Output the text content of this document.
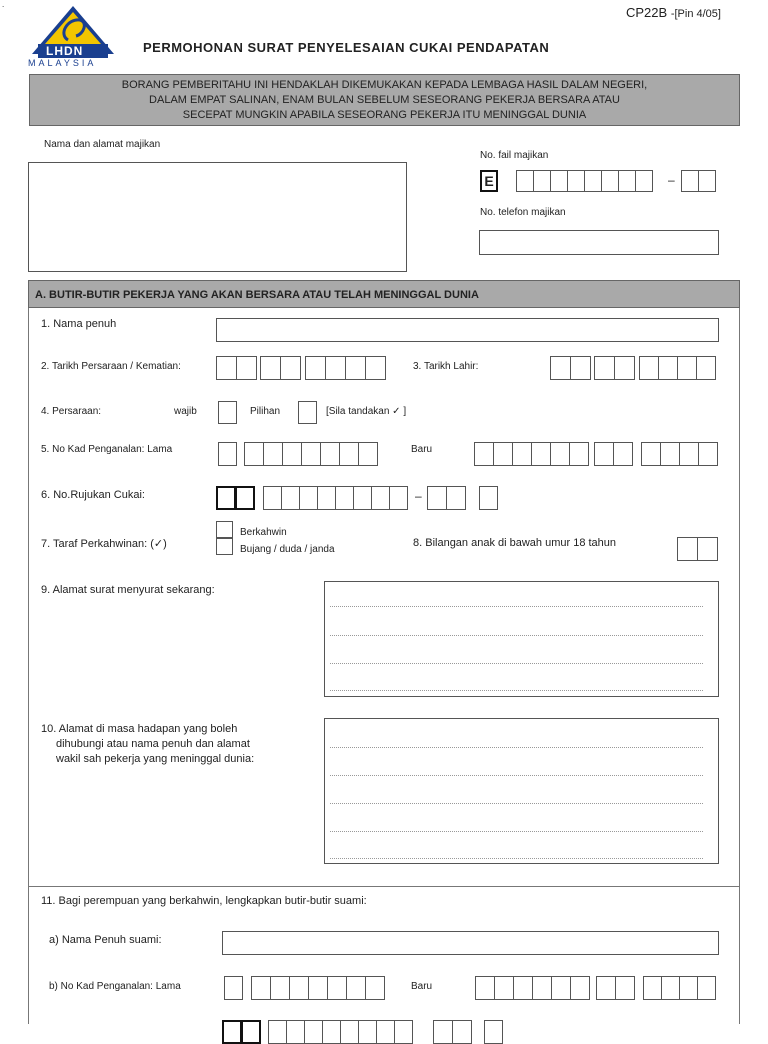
.
LHDN
MALAYSIA
CP22B -[Pin 4/05]
PERMOHONAN SURAT PENYELESAIAN CUKAI PENDAPATAN
BORANG PEMBERITAHU INI HENDAKLAH DIKEMUKAKAN KEPADA LEMBAGA HASIL DALAM NEGERI,
DALAM EMPAT SALINAN, ENAM BULAN SEBELUM SESEORANG PEKERJA BERSARA ATAU
SECEPAT MUNGKIN APABILA SESEORANG PEKERJA ITU MENINGGAL DUNIA
Nama dan alamat majikan
No. fail majikan
E	–
No. telefon majikan
A. BUTIR-BUTIR PEKERJA YANG AKAN BERSARA ATAU TELAH MENINGGAL DUNIA
1. Nama penuh
2. Tarikh Persaraan / Kematian:	3. Tarikh Lahir:
4. Persaraan:	wajib	Pilihan	[Sila tandakan ✓ ]
5. No Kad Penganalan: Lama	Baru
6. No.Rujukan Cukai:	–
7. Taraf Perkahwinan: (✓)
Berkahwin
Bujang / duda / janda
8. Bilangan anak di bawah umur 18 tahun
9. Alamat surat menyurat sekarang:
10. Alamat di masa hadapan yang boleh
dihubungi atau nama penuh dan alamat
wakil sah pekerja yang meninggal dunia:
11. Bagi perempuan yang berkahwin, lengkapkan butir-butir suami:
a) Nama Penuh suami:
b) No Kad Penganalan: Lama	Baru
